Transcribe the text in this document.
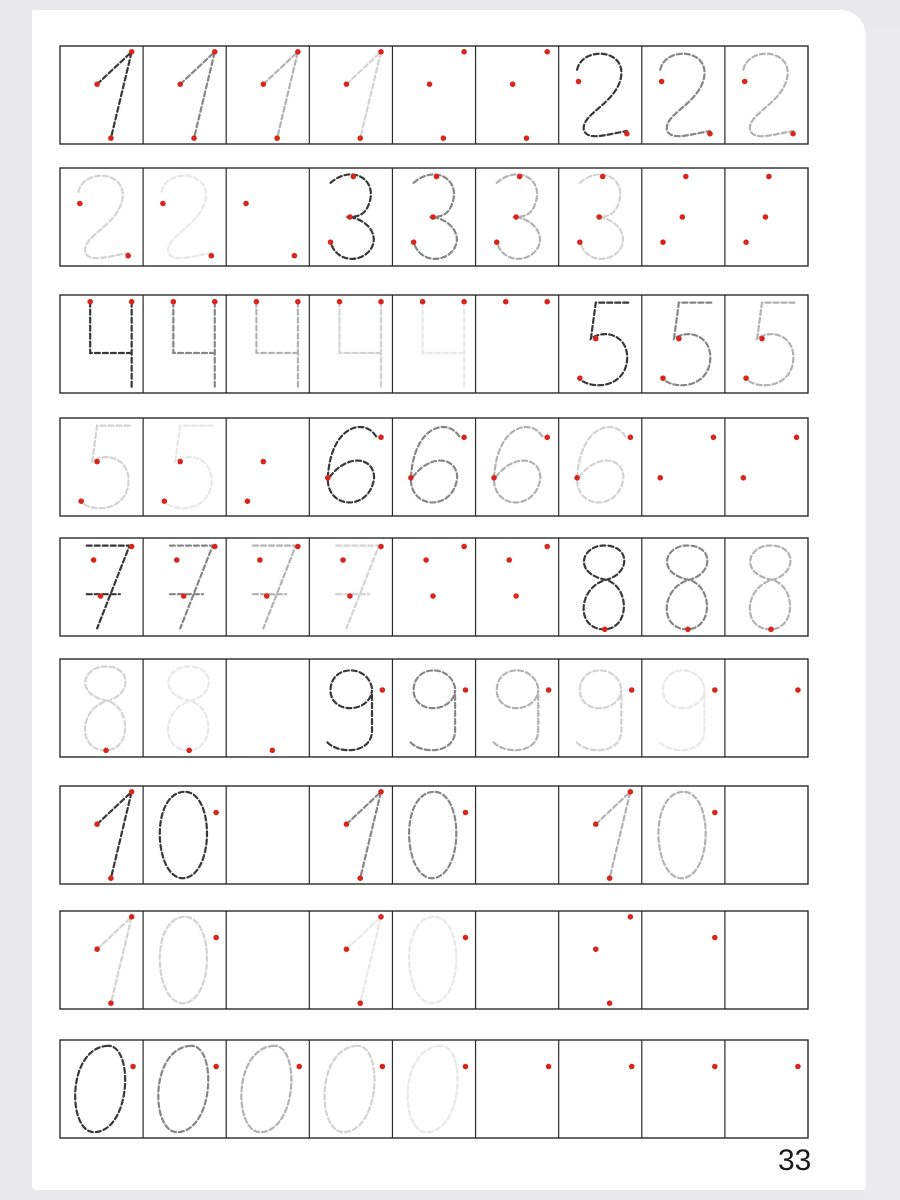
33
